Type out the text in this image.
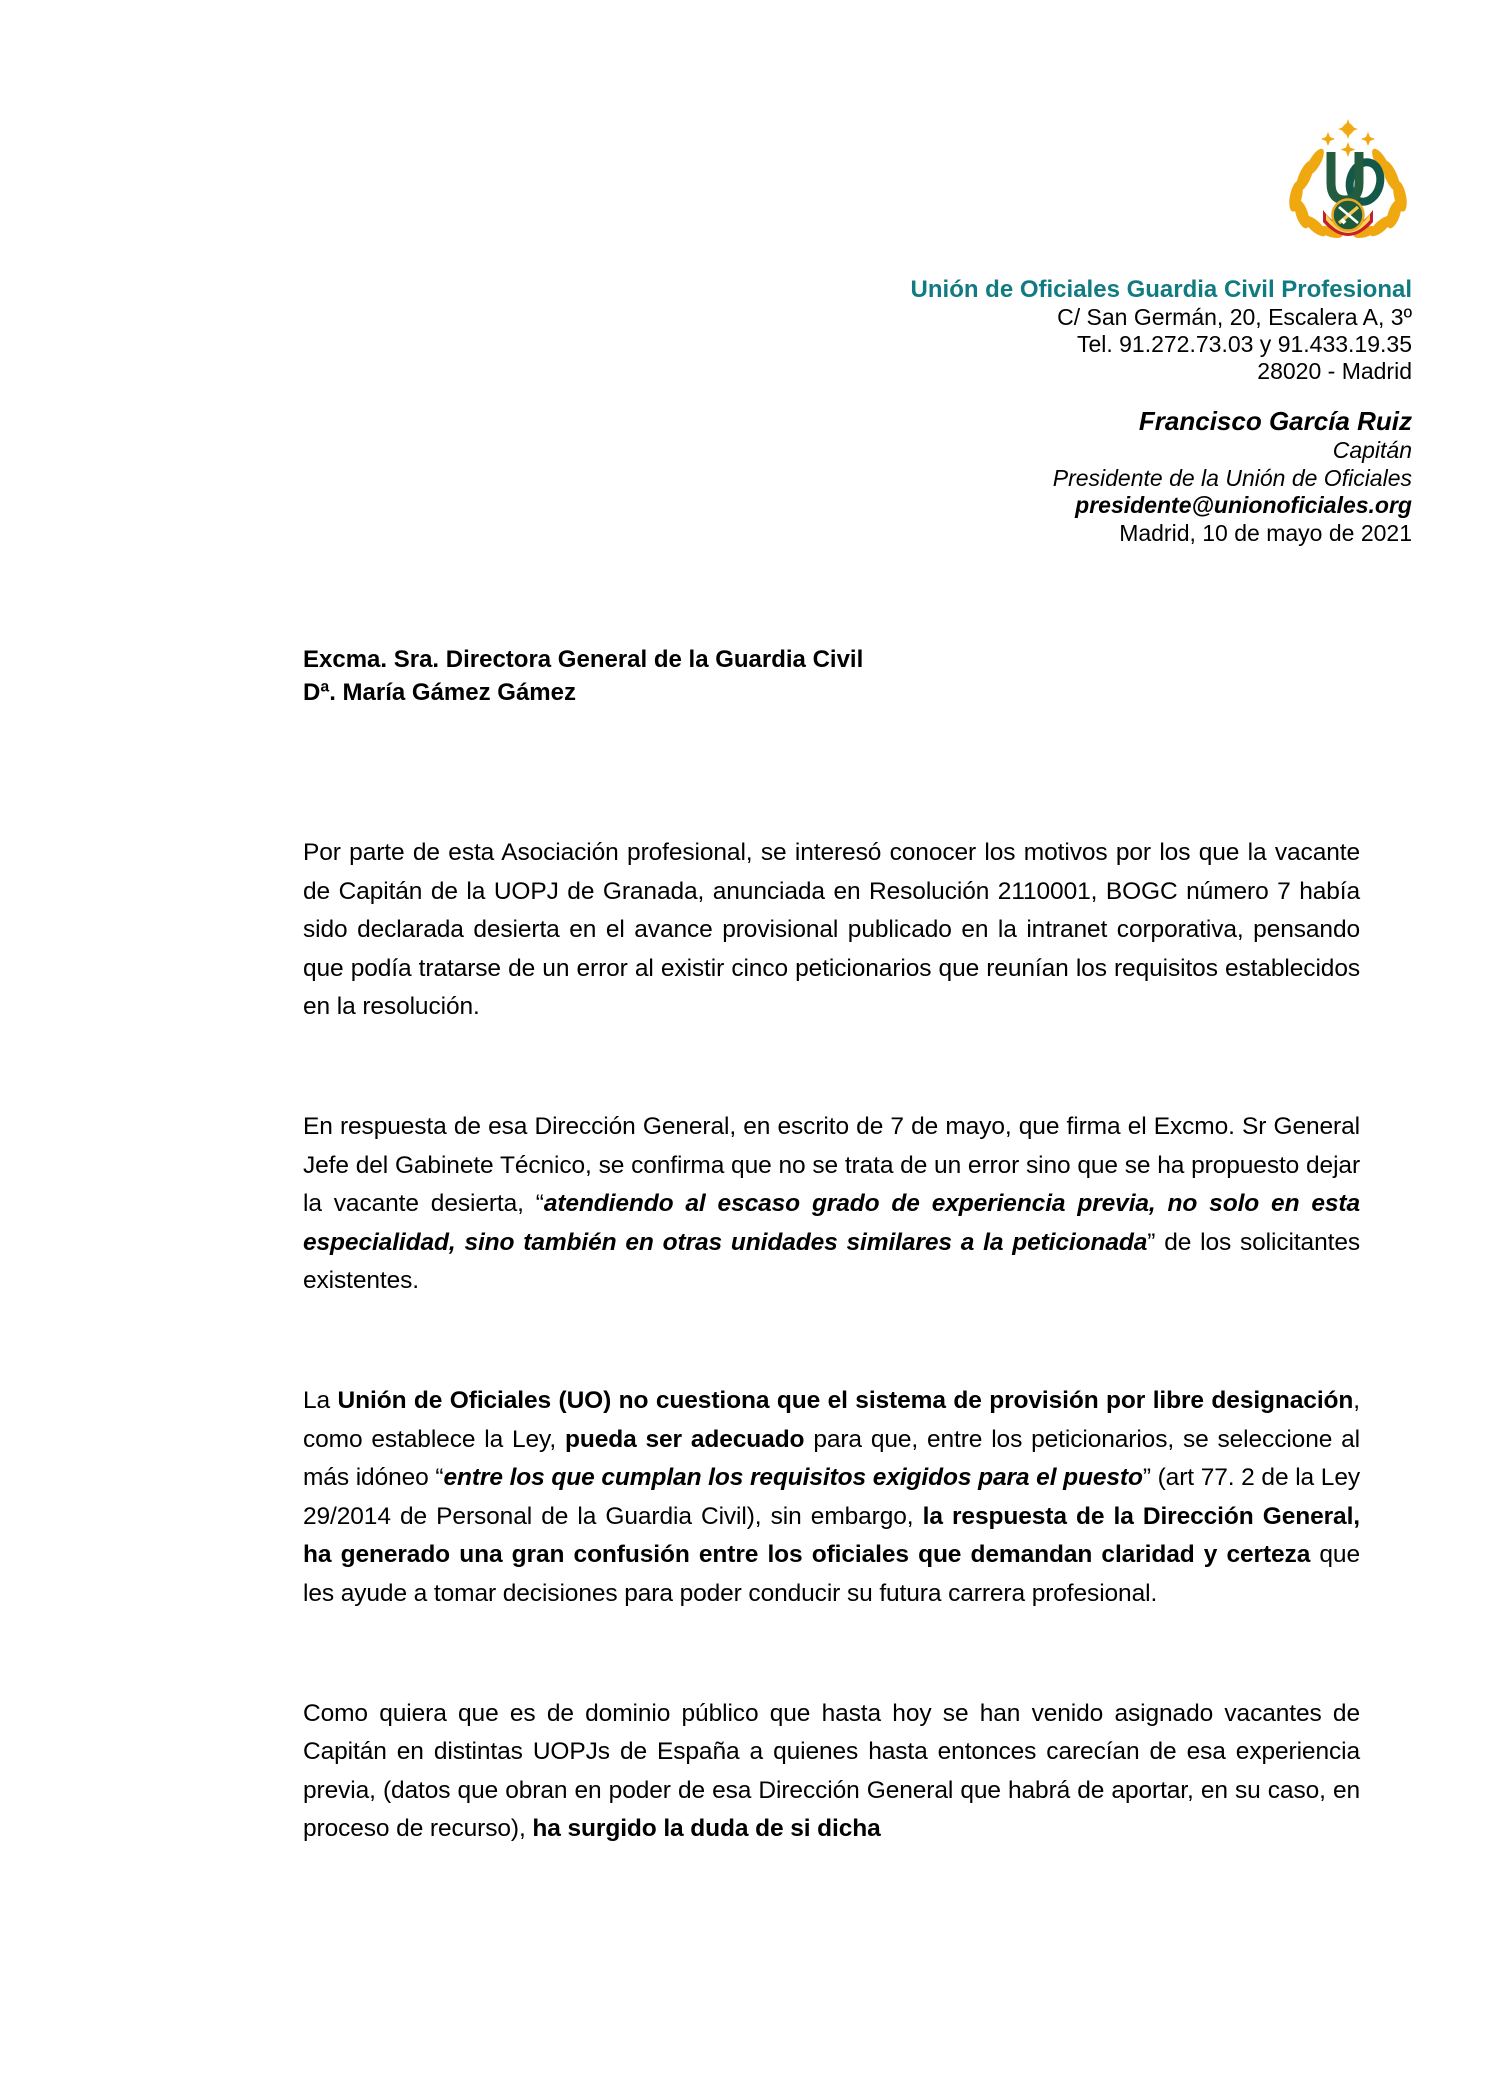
Unión de Oficiales Guardia Civil Profesional
C/ San Germán, 20, Escalera A, 3º
Tel. 91.272.73.03 y 91.433.19.35
28020 - Madrid
Francisco García Ruiz
Capitán
Presidente de la Unión de Oficiales
presidente@unionoficiales.org
Madrid, 10 de mayo de 2021
Excma. Sra. Directora General de la Guardia Civil
Dª. María Gámez Gámez

Por parte de esta Asociación profesional, se interesó conocer los motivos por los que la vacante de Capitán de la UOPJ de Granada, anunciada en Resolución 2110001, BOGC número 7 había sido declarada desierta en el avance provisional publicado en la intranet corporativa, pensando que podía tratarse de un error al existir cinco peticionarios que reunían los requisitos establecidos en la resolución.

En respuesta de esa Dirección General, en escrito de 7 de mayo, que firma el Excmo. Sr General Jefe del Gabinete Técnico, se confirma que no se trata de un error sino que se ha propuesto dejar la vacante desierta, “atendiendo al escaso grado de experiencia previa, no solo en esta especialidad, sino también en otras unidades similares a la peticionada” de los solicitantes existentes.

La Unión de Oficiales (UO) no cuestiona que el sistema de provisión por libre designación, como establece la Ley, pueda ser adecuado para que, entre los peticionarios, se seleccione al más idóneo “entre los que cumplan los requisitos exigidos para el puesto” (art 77. 2 de la Ley 29/2014 de Personal de la Guardia Civil), sin embargo, la respuesta de la Dirección General, ha generado una gran confusión entre los oficiales que demandan claridad y certeza que les ayude a tomar decisiones para poder conducir su futura carrera profesional.

Como quiera que es de dominio público que hasta hoy se han venido asignado vacantes de Capitán en distintas UOPJs de España a quienes hasta entonces carecían de esa experiencia previa, (datos que obran en poder de esa Dirección General que habrá de aportar, en su caso, en proceso de recurso), ha surgido la duda de si dicha
